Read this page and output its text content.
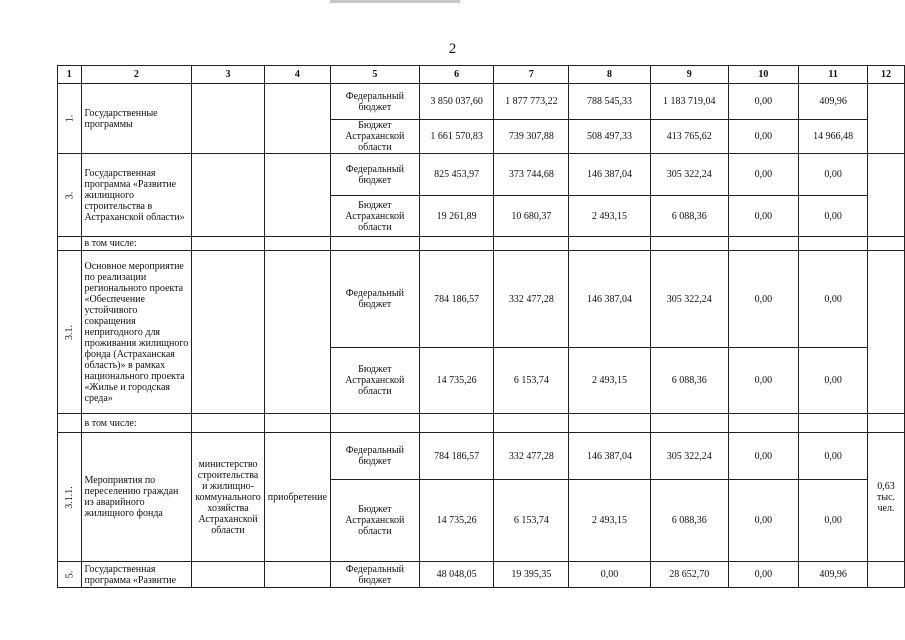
2
1	2	3	4	5	6	7	8	9	10	11	12
1.	Государственные программы			Федеральный бюджет	3 850 037,60	1 877 773,22	788 545,33	1 183 719,04	0,00	409,96	
				Бюджет Астраханской области	1 661 570,83	739 307,88	508 497,33	413 765,62	0,00	14 966,48	
3.	Государственная программа «Развитие жилищного строительства в Астраханской области»			Федеральный бюджет	825 453,97	373 744,68	146 387,04	305 322,24	0,00	0,00	
				Бюджет Астраханской области	19 261,89	10 680,37	2 493,15	6 088,36	0,00	0,00	
	в том числе:										
3.1.	Основное мероприятие по реализации регионального проекта «Обеспечение устойчивого сокращения непригодного для проживания жилищного фонда (Астраханская область)» в рамках национального проекта «Жилье и городская среда»			Федеральный бюджет	784 186,57	332 477,28	146 387,04	305 322,24	0,00	0,00	
				Бюджет Астраханской области	14 735,26	6 153,74	2 493,15	6 088,36	0,00	0,00	
	в том числе:										
3.1.1.	Мероприятия по переселению граждан из аварийного жилищного фонда	министерство строительства и жилищно-коммунального хозяйства Астраханской области	приобретение	Федеральный бюджет	784 186,57	332 477,28	146 387,04	305 322,24	0,00	0,00	0,63 тыс. чел.
				Бюджет Астраханской области	14 735,26	6 153,74	2 493,15	6 088,36	0,00	0,00	
5.	Государственная программа «Развитие			Федеральный бюджет	48 048,05	19 395,35	0,00	28 652,70	0,00	409,96	
